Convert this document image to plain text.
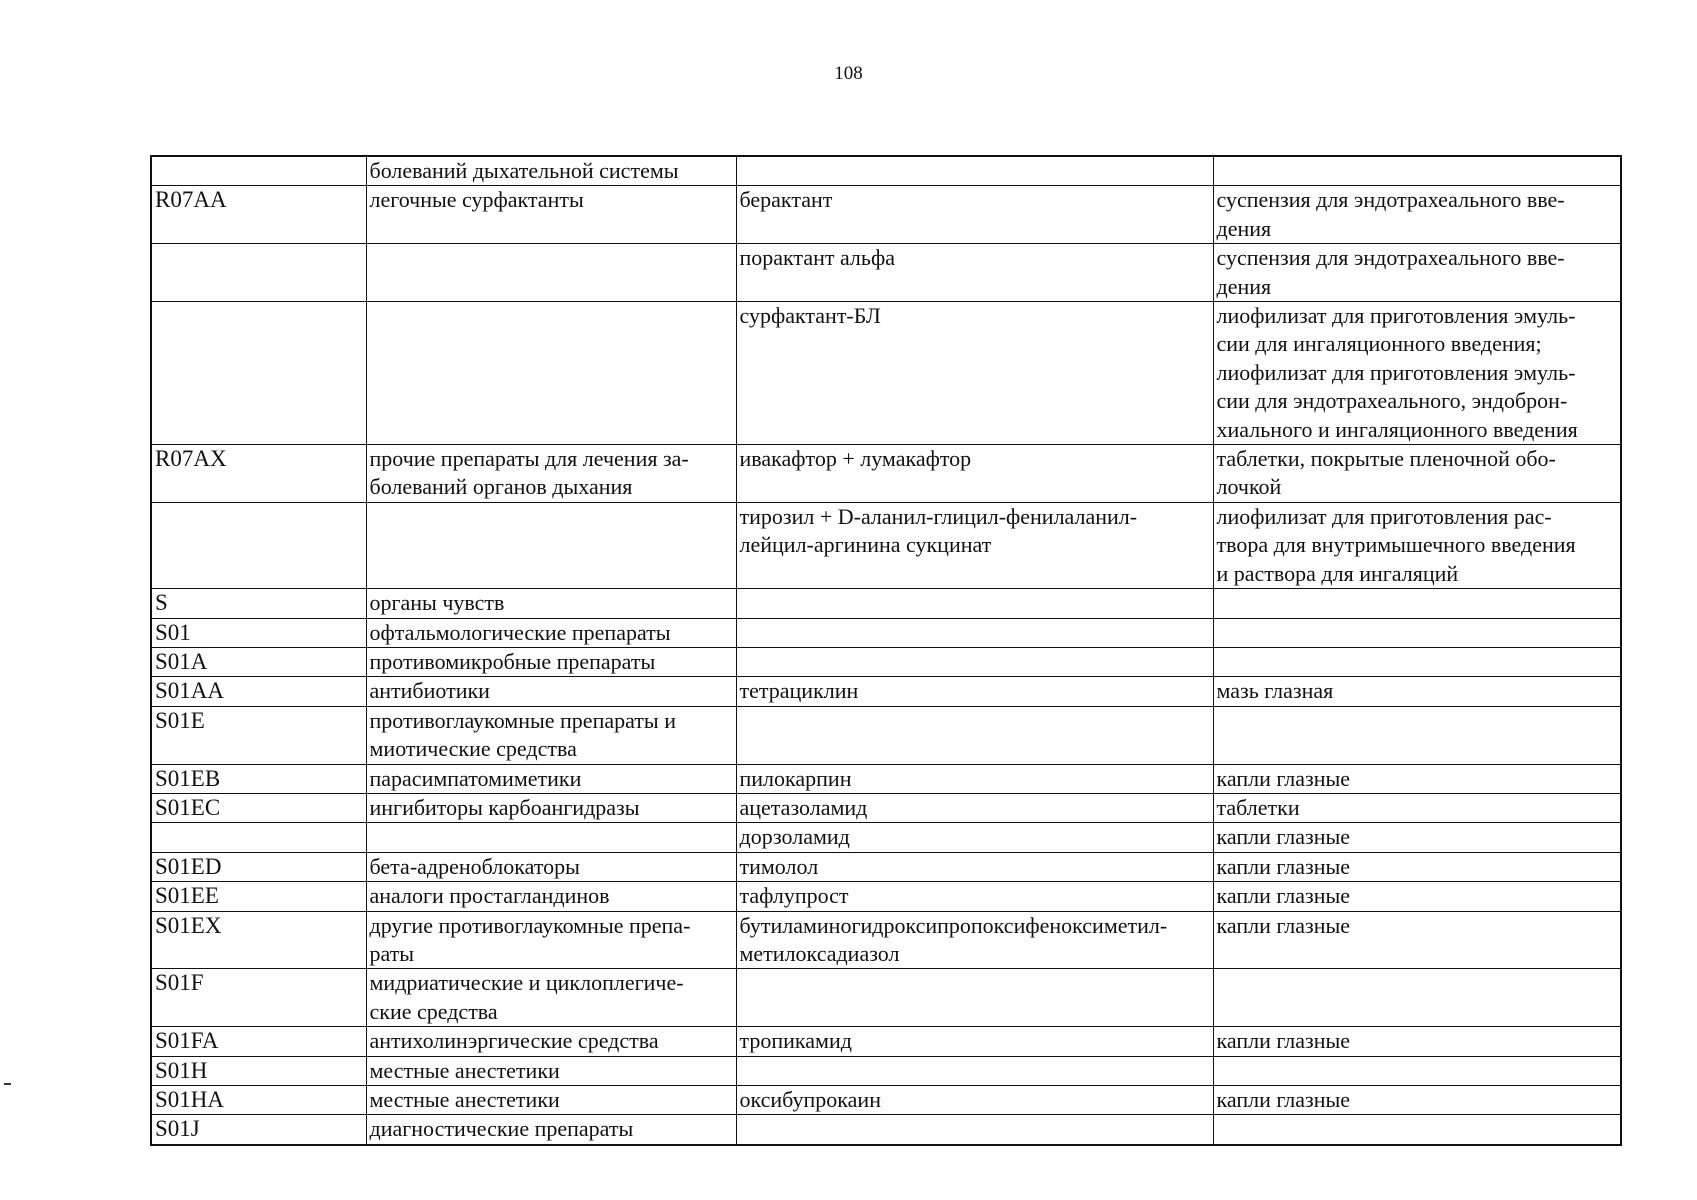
108

	болеваний дыхательной системы		

R07AA	легочные сурфактанты	берактант	суспензия для эндотрахеального вве-
дения

		порактант альфа	суспензия для эндотрахеального вве-
дения

		сурфактант-БЛ	лиофилизат для приготовления эмуль-
сии для ингаляционного введения;
лиофилизат для приготовления эмуль-
сии для эндотрахеального, эндоброн-
хиального и ингаляционного введения

R07AX	прочие препараты для лечения за-
болеваний органов дыхания	ивакафтор + лумакафтор	таблетки, покрытые пленочной обо-
лочкой

		тирозил + D-аланил-глицил-фенилаланил-
лейцил-аргинина сукцинат	лиофилизат для приготовления рас-
твора для внутримышечного введения
и раствора для ингаляций

S	органы чувств		

S01	офтальмологические препараты		

S01A	противомикробные препараты		

S01AA	антибиотики	тетрациклин	мазь глазная

S01E	противоглаукомные препараты и
миотические средства		

S01EB	парасимпатомиметики	пилокарпин	капли глазные

S01EC	ингибиторы карбоангидразы	ацетазоламид	таблетки

		дорзоламид	капли глазные

S01ED	бета-адреноблокаторы	тимолол	капли глазные

S01EE	аналоги простагландинов	тафлупрост	капли глазные

S01EX	другие противоглаукомные препа-
раты	бутиламиногидроксипропоксифеноксиметил-
метилоксадиазол	капли глазные

S01F	мидриатические и циклоплегиче-
ские средства		

S01FA	антихолинэргические средства	тропикамид	капли глазные

S01H	местные анестетики		

S01HA	местные анестетики	оксибупрокаин	капли глазные

S01J	диагностические препараты		
